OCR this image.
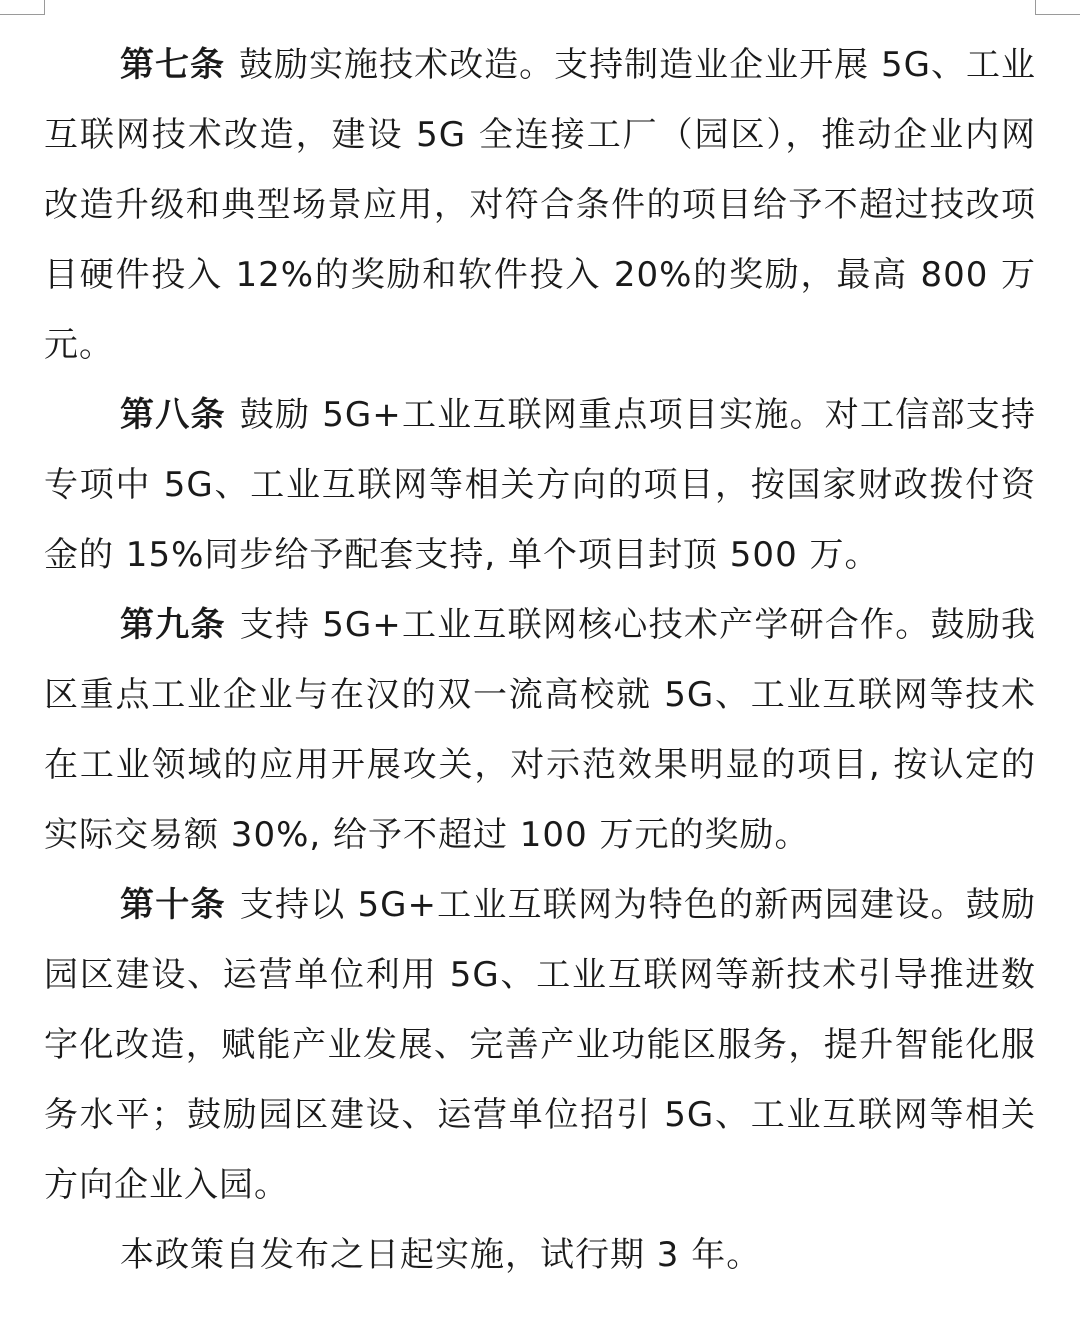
第七条 鼓励实施技术改造。支持制造业企业开展 5G、工业互联网技术改造，建设 5G 全连接工厂（园区），推动企业内网改造升级和典型场景应用，对符合条件的项目给予不超过技改项目硬件投入 12%的奖励和软件投入 20%的奖励，最高 800 万元。

第八条 鼓励 5G+工业互联网重点项目实施。对工信部支持专项中 5G、工业互联网等相关方向的项目，按国家财政拨付资金的 15%同步给予配套支持, 单个项目封顶 500 万。

第九条 支持 5G+工业互联网核心技术产学研合作。鼓励我区重点工业企业与在汉的双一流高校就 5G、工业互联网等技术在工业领域的应用开展攻关，对示范效果明显的项目, 按认定的实际交易额 30%, 给予不超过 100 万元的奖励。

第十条 支持以 5G+工业互联网为特色的新两园建设。鼓励园区建设、运营单位利用 5G、工业互联网等新技术引导推进数字化改造，赋能产业发展、完善产业功能区服务，提升智能化服务水平；鼓励园区建设、运营单位招引 5G、工业互联网等相关方向企业入园。

本政策自发布之日起实施，试行期 3 年。
